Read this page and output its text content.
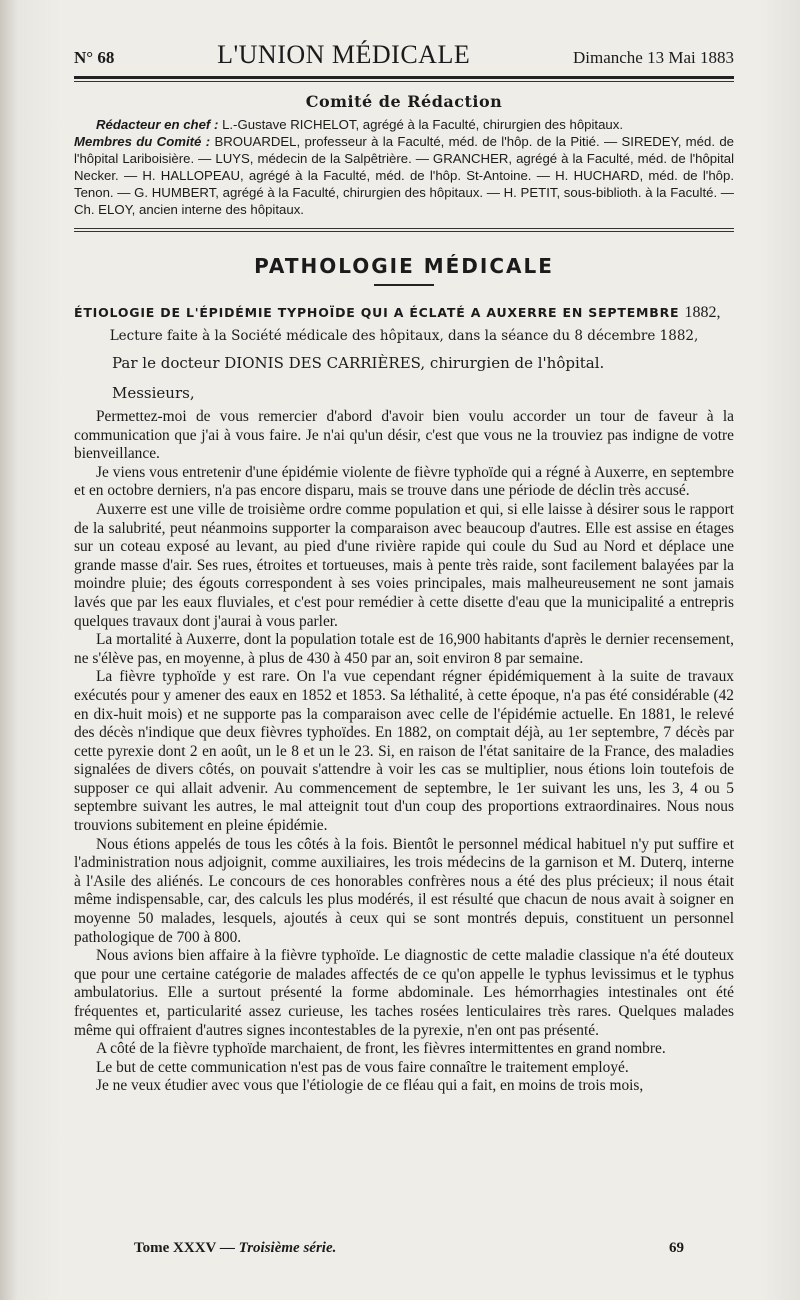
N° 68	L'UNION MÉDICALE	Dimanche 13 Mai 1883
Comité de Rédaction

Rédacteur en chef : L.-Gustave RICHELOT, agrégé à la Faculté, chirurgien des hôpitaux.

Membres du Comité : BROUARDEL, professeur à la Faculté, méd. de l'hôp. de la Pitié. — SIREDEY, méd. de l'hôpital Lariboisière. — LUYS, médecin de la Salpêtrière. — GRANCHER, agrégé à la Faculté, méd. de l'hôpital Necker. — H. HALLOPEAU, agrégé à la Faculté, méd. de l'hôp. St-Antoine. — H. HUCHARD, méd. de l'hôp. Tenon. — G. HUMBERT, agrégé à la Faculté, chirurgien des hôpitaux. — H. PETIT, sous-biblioth. à la Faculté. — Ch. ELOY, ancien interne des hôpitaux.

PATHOLOGIE MÉDICALE
ÉTIOLOGIE DE L'ÉPIDÉMIE TYPHOÏDE QUI A ÉCLATÉ A AUXERRE EN SEPTEMBRE 1882,
Lecture faite à la Société médicale des hôpitaux, dans la séance du 8 décembre 1882,
Par le docteur DIONIS DES CARRIÈRES, chirurgien de l'hôpital.
Messieurs,

Permettez-moi de vous remercier d'abord d'avoir bien voulu accorder un tour de faveur à la communication que j'ai à vous faire. Je n'ai qu'un désir, c'est que vous ne la trouviez pas indigne de votre bienveillance.

Je viens vous entretenir d'une épidémie violente de fièvre typhoïde qui a régné à Auxerre, en septembre et en octobre derniers, n'a pas encore disparu, mais se trouve dans une période de déclin très accusé.

Auxerre est une ville de troisième ordre comme population et qui, si elle laisse à désirer sous le rapport de la salubrité, peut néanmoins supporter la comparaison avec beaucoup d'autres. Elle est assise en étages sur un coteau exposé au levant, au pied d'une rivière rapide qui coule du Sud au Nord et déplace une grande masse d'air. Ses rues, étroites et tortueuses, mais à pente très raide, sont facilement balayées par la moindre pluie; des égouts correspondent à ses voies principales, mais malheureusement ne sont jamais lavés que par les eaux fluviales, et c'est pour remédier à cette disette d'eau que la municipalité a entrepris quelques travaux dont j'aurai à vous parler.

La mortalité à Auxerre, dont la population totale est de 16,900 habitants d'après le dernier recensement, ne s'élève pas, en moyenne, à plus de 430 à 450 par an, soit environ 8 par semaine.

La fièvre typhoïde y est rare. On l'a vue cependant régner épidémiquement à la suite de travaux exécutés pour y amener des eaux en 1852 et 1853. Sa léthalité, à cette époque, n'a pas été considérable (42 en dix-huit mois) et ne supporte pas la comparaison avec celle de l'épidémie actuelle. En 1881, le relevé des décès n'indique que deux fièvres typhoïdes. En 1882, on comptait déjà, au 1er septembre, 7 décès par cette pyrexie dont 2 en août, un le 8 et un le 23. Si, en raison de l'état sanitaire de la France, des maladies signalées de divers côtés, on pouvait s'attendre à voir les cas se multiplier, nous étions loin toutefois de supposer ce qui allait advenir. Au commencement de septembre, le 1er suivant les uns, les 3, 4 ou 5 septembre suivant les autres, le mal atteignit tout d'un coup des proportions extraordinaires. Nous nous trouvions subitement en pleine épidémie.

Nous étions appelés de tous les côtés à la fois. Bientôt le personnel médical habituel n'y put suffire et l'administration nous adjoignit, comme auxiliaires, les trois médecins de la garnison et M. Duterq, interne à l'Asile des aliénés. Le concours de ces honorables confrères nous a été des plus précieux; il nous était même indispensable, car, des calculs les plus modérés, il est résulté que chacun de nous avait à soigner en moyenne 50 malades, lesquels, ajoutés à ceux qui se sont montrés depuis, constituent un personnel pathologique de 700 à 800.

Nous avions bien affaire à la fièvre typhoïde. Le diagnostic de cette maladie classique n'a été douteux que pour une certaine catégorie de malades affectés de ce qu'on appelle le typhus levissimus et le typhus ambulatorius. Elle a surtout présenté la forme abdominale. Les hémorrhagies intestinales ont été fréquentes et, particularité assez curieuse, les taches rosées lenticulaires très rares. Quelques malades même qui offraient d'autres signes incontestables de la pyrexie, n'en ont pas présenté.

A côté de la fièvre typhoïde marchaient, de front, les fièvres intermittentes en grand nombre.

Le but de cette communication n'est pas de vous faire connaître le traitement employé.

Je ne veux étudier avec vous que l'étiologie de ce fléau qui a fait, en moins de trois mois,

Tome XXXV — Troisième série.	69
